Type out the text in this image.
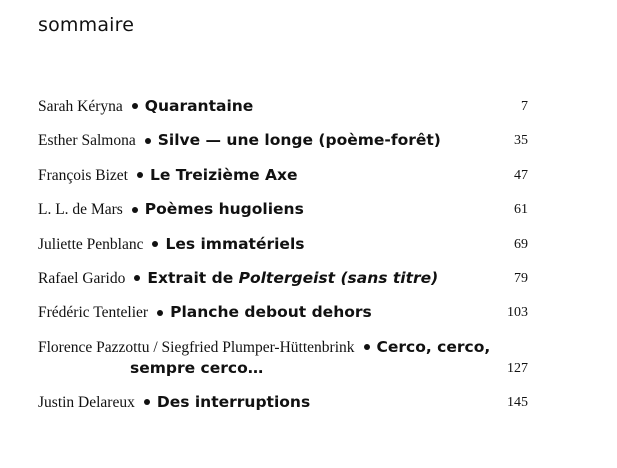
sommaire
Sarah Kéryna Quarantaine	7
Esther Salmona Silve — une longe (poème-forêt)	35
François Bizet Le Treizième Axe	47
L. L. de Mars Poèmes hugoliens	61
Juliette Penblanc Les immatériels	69
Rafael Garido Extrait de Poltergeist (sans titre)	79
Frédéric Tentelier Planche debout dehors	103
Florence Pazzottu / Siegfried Plumper-Hüttenbrink Cerco, cerco,
sempre cerco…	127
Justin Delareux Des interruptions	145
